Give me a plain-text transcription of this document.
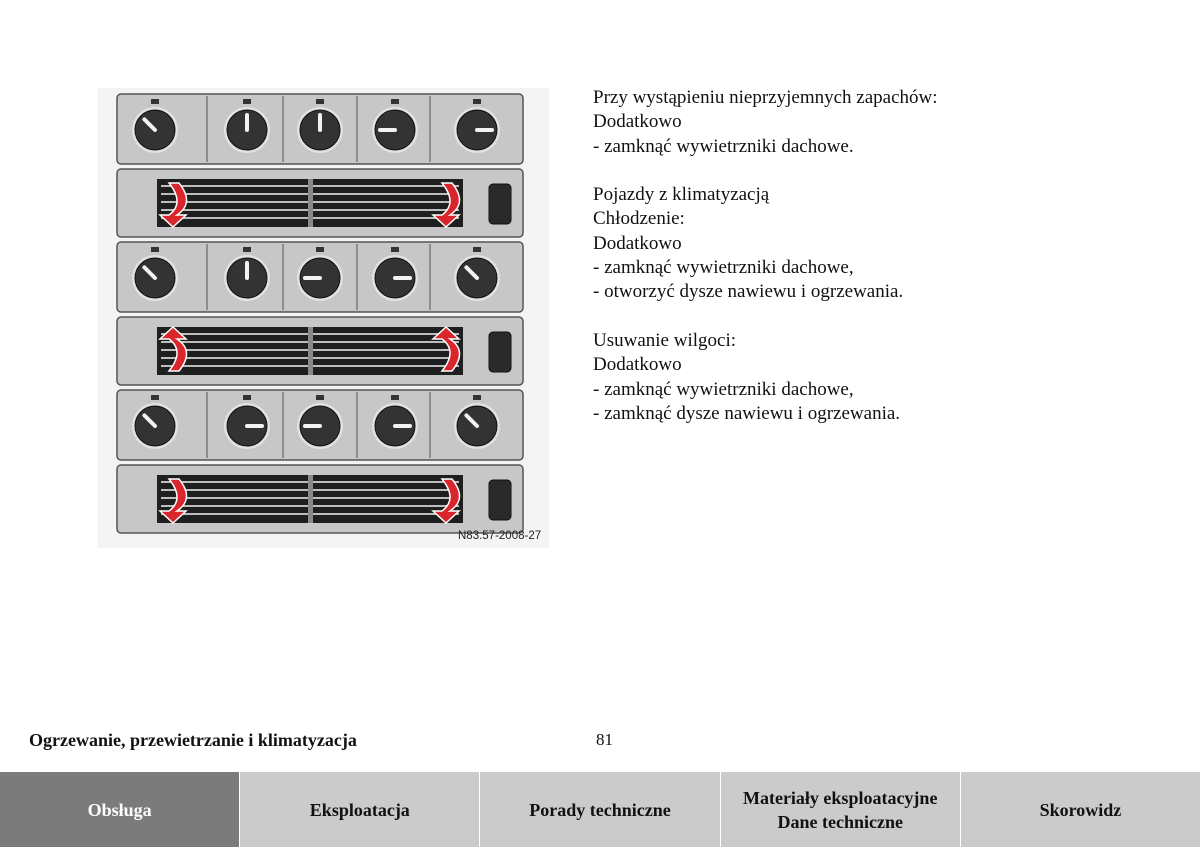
N83.57-2008-27
Przy wystąpieniu nieprzyjemnych zapachów:
Dodatkowo
- zamknąć wywietrzniki dachowe.
Pojazdy z klimatyzacją
Chłodzenie:
Dodatkowo
- zamknąć wywietrzniki dachowe,
- otworzyć dysze nawiewu i ogrzewania.
Usuwanie wilgoci:
Dodatkowo
- zamknąć wywietrzniki dachowe,
- zamknąć dysze nawiewu i ogrzewania.
Ogrzewanie, przewietrzanie i klimatyzacja	81
Obsługa	Eksploatacja	Porady techniczne
Materiały eksploatacyjne
Dane techniczne
Skorowidz
